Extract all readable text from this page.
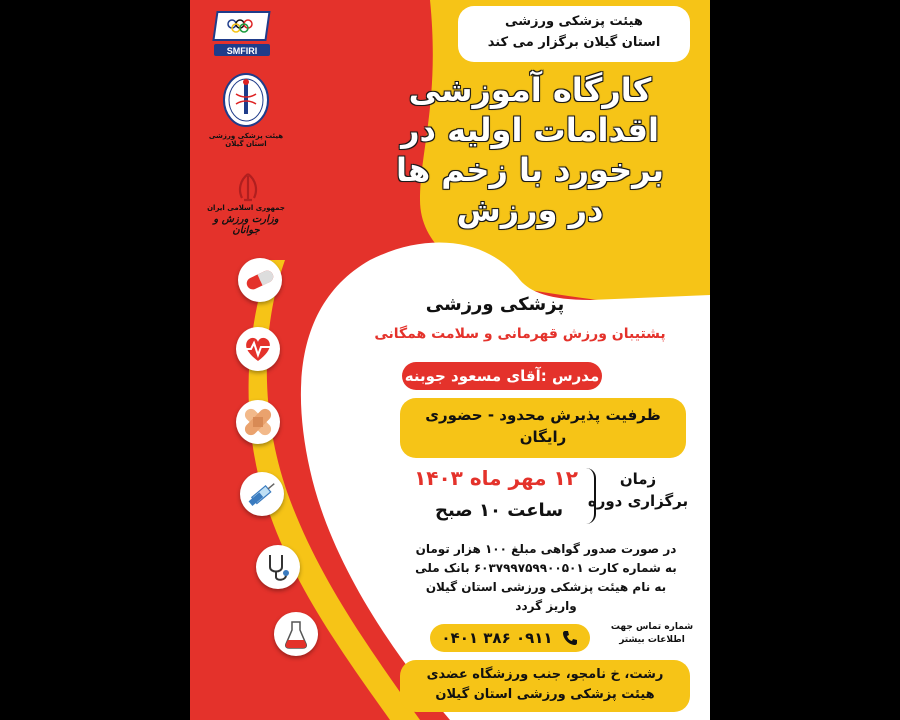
SMFIRI
هیئت پزشکی ورزشی استان گیلان
جمهوری اسلامی ایران
وزارت ورزش و جوانان
هیئت پزشکی ورزشی
استان گیلان برگزار می کند
کارگاه آموزشی
اقدامات اولیه در
برخورد با زخم ها
در ورزش
پزشکی ورزشی
پشتیبان ورزش قهرمانی و سلامت همگانی
مدرس :آقای مسعود جوبنه
ظرفیت پذیرش محدود - حضوری
رایگان
زمان
برگزاری دوره
۱۲ مهر ماه ۱۴۰۳
ساعت ۱۰ صبح
در صورت صدور گواهی مبلغ ۱۰۰ هزار تومان
به شماره کارت ۶۰۳۷۹۹۷۵۹۹۰۰۵۰۱ بانک ملی
به نام هیئت پزشکی ورزشی استان گیلان
واریز گردد
شماره تماس جهت
اطلاعات بیشتر
۰۹۱۱ ۳۸۶ ۰۴۰۱
رشت، خ نامجو، جنب ورزشگاه عضدی
هیئت پزشکی ورزشی استان گیلان
